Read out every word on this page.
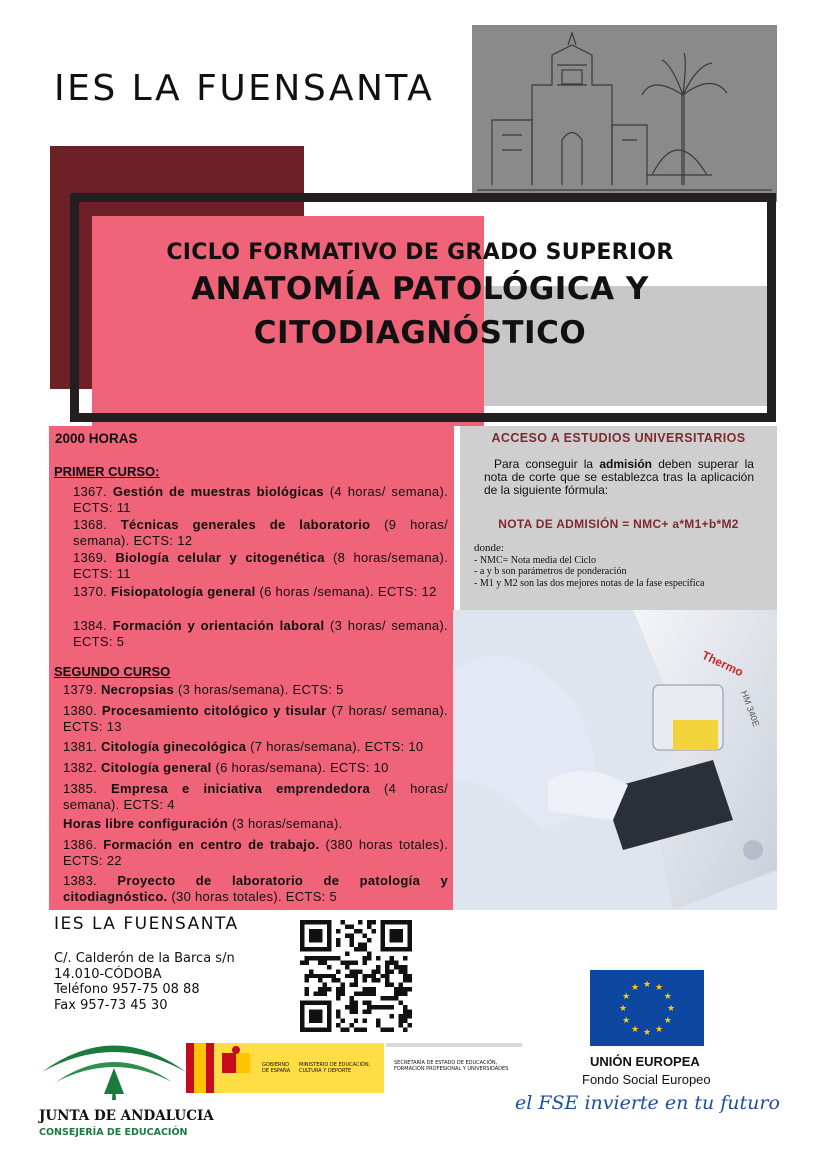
IES LA FUENSANTA
CICLO FORMATIVO DE GRADO SUPERIOR
ANATOMÍA PATOLÓGICA Y
CITODIAGNÓSTICO
2000 HORAS
PRIMER CURSO:
1367. Gestión de muestras biológicas (4 horas/ semana). ECTS: 11
1368. Técnicas generales de laboratorio (9 horas/ semana). ECTS: 12
1369. Biología celular y citogenética (8 horas/semana). ECTS: 11
1370. Fisiopatología general (6 horas /semana). ECTS: 12
1384. Formación y orientación laboral (3 horas/ semana). ECTS: 5
SEGUNDO CURSO
1379. Necropsias (3 horas/semana). ECTS: 5
1380. Procesamiento citológico y tisular (7 horas/ semana). ECTS: 13
1381. Citología ginecológica (7 horas/semana). ECTS: 10
1382. Citología general (6 horas/semana). ECTS: 10
1385. Empresa e iniciativa emprendedora (4 horas/ semana). ECTS: 4
Horas libre configuración (3 horas/semana).
1386. Formación en centro de trabajo. (380 horas totales). ECTS: 22
1383. Proyecto de laboratorio de patología y citodiagnóstico. (30 horas totales). ECTS: 5
ACCESO A ESTUDIOS UNIVERSITARIOS
Para conseguir la admisión deben superar la nota de corte que se establezca tras la aplicación de la siguiente fórmula:
NOTA DE ADMISIÓN = NMC+ a*M1+b*M2
donde:
- NMC= Nota media del Ciclo
- a y b son parámetros de ponderación
- M1 y M2 son las dos mejores notas de la fase específica
Thermo
HM 340E
IES LA FUENSANTA
C/. Calderón de la Barca s/n
14.010-CÓDOBA
Teléfono 957-75 08 88
Fax 957-73 45 30
JUNTA DE ANDALUCIA
CONSEJERÍA DE EDUCACIÓN
GOBIERNO DE ESPAÑA
MINISTERIO DE EDUCACIÓN, CULTURA Y DEPORTE
SECRETARÍA DE ESTADO DE EDUCACIÓN, FORMACIÓN PROFESIONAL Y UNIVERSIDADES
★ ★
★
★
★
★
★
★
★
★
★
★
UNIÓN EUROPEA
Fondo Social Europeo
el FSE invierte en tu futuro
